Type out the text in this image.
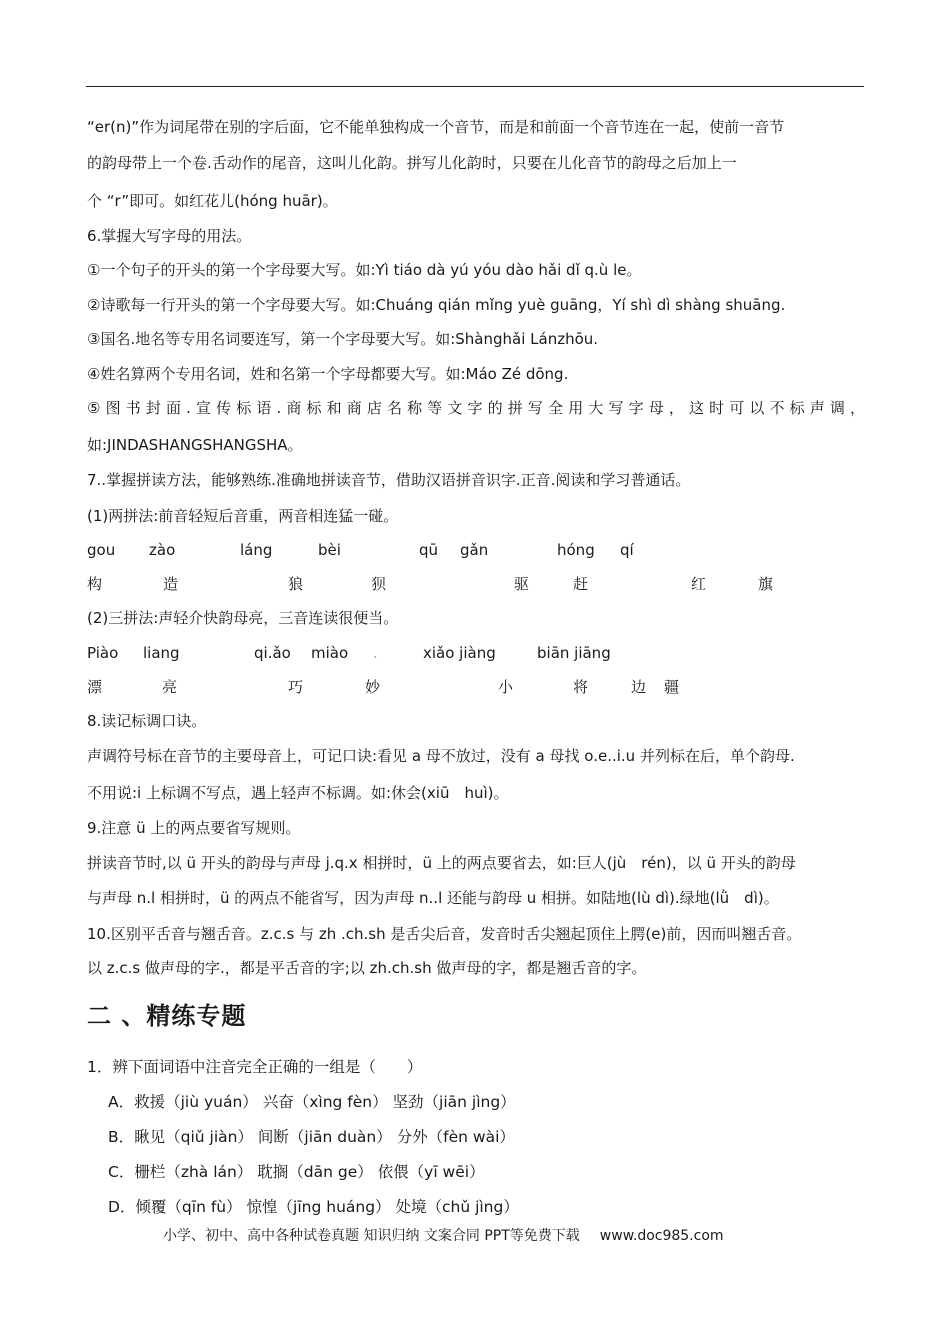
“er(n)”作为词尾带在别的字后面，它不能单独构成一个音节，而是和前面一个音节连在一起，使前一音节
的韵母带上一个卷.舌动作的尾音，这叫儿化韵。拼写儿化韵时，只要在儿化音节的韵母之后加上一
个 “r”即可。如红花儿(hóng huār)。
6.掌握大写字母的用法。
①一个句子的开头的第一个字母要大写。如:Yì tiáo dà yú yóu dào hǎi dǐ q.ù le。
②诗歌每一行开头的第一个字母要大写。如:Chuáng qián mǐng yuè guāng，Yí shì dì shàng shuāng.
③国名.地名等专用名词要连写，第一个字母要大写。如:Shànghǎi Lánzhōu.
④姓名算两个专用名词，姓和名第一个字母都要大写。如:Máo Zé dōng.
⑤图书封面.宣传标语.商标和商店名称等文字的拼写全用大写字母，这时可以不标声调，
如:JINDASHANGSHANGSHA。
7..掌握拼读方法，能够熟练.准确地拼读音节，借助汉语拼音识字.正音.阅读和学习普通话。
(1)两拼法:前音轻短后音重，两音相连猛一碰。
gou zào	láng	bèi	qū gǎn	hóng qí
构	造	狼	狈	驱	赶	红	旗
(2)三拼法:声轻介快韵母亮，三音连读很便当。
Piào liang	qi.ǎo miào .	xiǎo jiàng	biān jiāng
漂	亮	巧	妙	小	将	边 疆
8.读记标调口诀。
声调符号标在音节的主要母音上，可记口诀:看见 a 母不放过，没有 a 母找 o.e..i.u 并列标在后，单个韵母.
不用说:i 上标调不写点，遇上轻声不标调。如:休会(xiū　huì)。
9.注意 ü 上的两点要省写规则。
拼读音节时,以 ü 开头的韵母与声母 j.q.x 相拼时，ü 上的两点要省去，如:巨人(jù　rén)，以 ü 开头的韵母
与声母 n.l 相拼时，ü 的两点不能省写，因为声母 n..l 还能与韵母 u 相拼。如陆地(lù dì).绿地(lǜ　dì)。
10.区别平舌音与翘舌音。z.c.s 与 zh .ch.sh 是舌尖后音，发音时舌尖翘起顶住上腭(e)前，因而叫翘舌音。
以 z.c.s 做声母的字.，都是平舌音的字;以 zh.ch.sh 做声母的字，都是翘舌音的字。
二 、精练专题
1．辨下面词语中注音完全正确的一组是（　　）
A．救援（jiù yuán） 兴奋（xìng fèn） 坚劲（jiān jìng）
B．瞅见（qiǔ jiàn） 间断（jiān duàn） 分外（fèn wài）
C．栅栏（zhà lán） 耽搁（dān ge） 依偎（yī wēi）
D．倾覆（qīn fù） 惊惶（jīng huáng） 处境（chǔ jìng）
小学、初中、高中各种试卷真题 知识归纳 文案合同 PPT等免费下载 www.doc985.com
